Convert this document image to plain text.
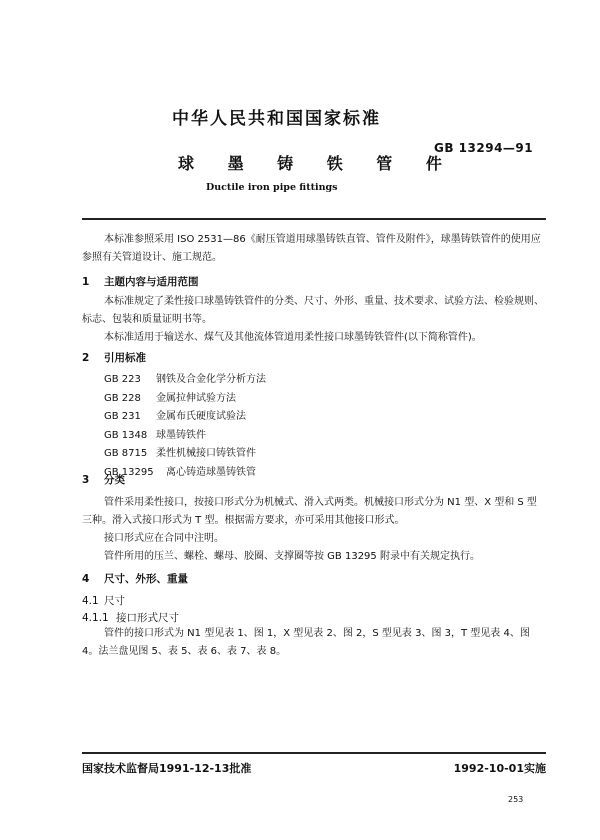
中华人民共和国国家标准
GB 13294—91
球 墨 铸 铁 管 件
Ductile iron pipe fittings
本标准参照采用 ISO 2531—86《耐压管道用球墨铸铁直管、管件及附件》，球墨铸铁管件的使用应参照有关管道设计、施工规范。
1 主题内容与适用范围
本标准规定了柔性接口球墨铸铁管件的分类、尺寸、外形、重量、技术要求、试验方法、检验规则、标志、包装和质量证明书等。
本标准适用于输送水、煤气及其他流体管道用柔性接口球墨铸铁管件(以下简称管件)。
2 引用标准
GB 223 钢铁及合金化学分析方法
GB 228 金属拉伸试验方法
GB 231 金属布氏硬度试验法
GB 1348 球墨铸铁件
GB 8715 柔性机械接口铸铁管件
GB 13295 离心铸造球墨铸铁管
3 分类
管件采用柔性接口，按接口形式分为机械式、滑入式两类。机械接口形式分为 N1 型、X 型和 S 型三种。滑入式接口形式为 T 型。根据需方要求，亦可采用其他接口形式。
接口形式应在合同中注明。
管件所用的压兰、螺栓、螺母、胶圈、支撑圈等按 GB 13295 附录中有关规定执行。
4 尺寸、外形、重量
4.1 尺寸
4.1.1 接口形式尺寸
管件的接口形式为 N1 型见表 1、图 1，X 型见表 2、图 2，S 型见表 3、图 3，T 型见表 4、图 4。法兰盘见图 5、表 5、表 6、表 7、表 8。
国家技术监督局1991-12-13批准	1992-10-01实施
253
